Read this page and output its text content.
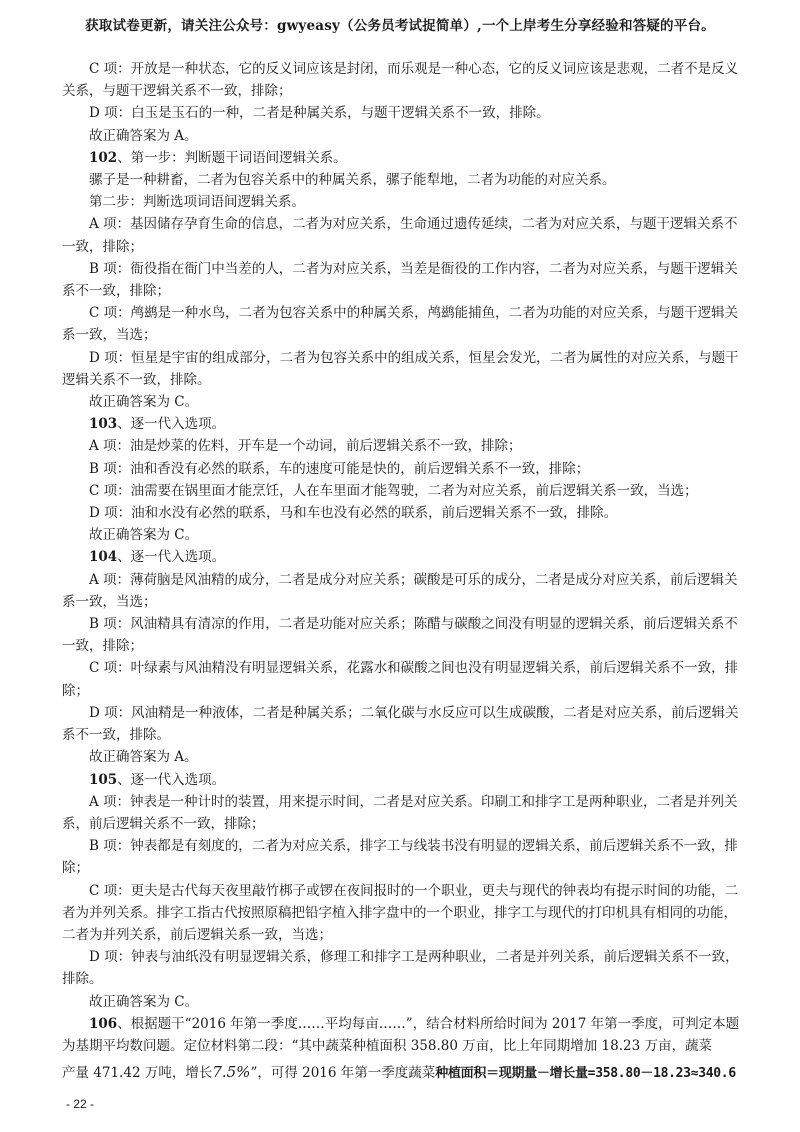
获取试卷更新，请关注公众号：gwyeasy（公务员考试捉简单）,一个上岸考生分享经验和答疑的平台。

C 项：开放是一种状态，它的反义词应该是封闭，而乐观是一种心态，它的反义词应该是悲观，二者不是反义关系，与题干逻辑关系不一致，排除；

D 项：白玉是玉石的一种，二者是种属关系，与题干逻辑关系不一致，排除。

故正确答案为 A。

102、第一步：判断题干词语间逻辑关系。

骡子是一种耕畜，二者为包容关系中的种属关系，骡子能犁地，二者为功能的对应关系。

第二步：判断选项词语间逻辑关系。

A 项：基因储存孕育生命的信息，二者为对应关系，生命通过遗传延续，二者为对应关系，与题干逻辑关系不一致，排除；

B 项：衙役指在衙门中当差的人，二者为对应关系，当差是衙役的工作内容，二者为对应关系，与题干逻辑关系不一致，排除；

C 项：鸬鹚是一种水鸟，二者为包容关系中的种属关系，鸬鹚能捕鱼，二者为功能的对应关系，与题干逻辑关系一致，当选；

D 项：恒星是宇宙的组成部分，二者为包容关系中的组成关系，恒星会发光，二者为属性的对应关系，与题干逻辑关系不一致，排除。

故正确答案为 C。

103、逐一代入选项。

A 项：油是炒菜的佐料，开车是一个动词，前后逻辑关系不一致，排除；

B 项：油和香没有必然的联系，车的速度可能是快的，前后逻辑关系不一致，排除；

C 项：油需要在锅里面才能烹饪，人在车里面才能驾驶，二者为对应关系，前后逻辑关系一致，当选；

D 项：油和水没有必然的联系，马和车也没有必然的联系，前后逻辑关系不一致，排除。

故正确答案为 C。

104、逐一代入选项。

A 项：薄荷脑是风油精的成分，二者是成分对应关系；碳酸是可乐的成分，二者是成分对应关系，前后逻辑关系一致，当选；

B 项：风油精具有清凉的作用，二者是功能对应关系；陈醋与碳酸之间没有明显的逻辑关系，前后逻辑关系不一致，排除；

C 项：叶绿素与风油精没有明显逻辑关系，花露水和碳酸之间也没有明显逻辑关系，前后逻辑关系不一致，排除；

D 项：风油精是一种液体，二者是种属关系；二氧化碳与水反应可以生成碳酸，二者是对应关系，前后逻辑关系不一致，排除。

故正确答案为 A。

105、逐一代入选项。

A 项：钟表是一种计时的装置，用来提示时间，二者是对应关系。印刷工和排字工是两种职业，二者是并列关系，前后逻辑关系不一致，排除；

B 项：钟表都是有刻度的，二者为对应关系，排字工与线装书没有明显的逻辑关系，前后逻辑关系不一致，排除；

C 项：更夫是古代每天夜里敲竹梆子或锣在夜间报时的一个职业，更夫与现代的钟表均有提示时间的功能，二者为并列关系。排字工指古代按照原稿把铅字植入排字盘中的一个职业，排字工与现代的打印机具有相同的功能，二者为并列关系，前后逻辑关系一致，当选；

D 项：钟表与油纸没有明显逻辑关系，修理工和排字工是两种职业，二者是并列关系，前后逻辑关系不一致，排除。

故正确答案为 C。

106、根据题干“2016 年第一季度……平均每亩……”，结合材料所给时间为 2017 年第一季度，可判定本题为基期平均数问题。定位材料第二段：“其中蔬菜种植面积 358.80 万亩，比上年同期增加 18.23 万亩，蔬菜

产量 471.42 万吨，增长7.5%”，可得 2016 年第一季度蔬菜种植面积＝现期量－增长量=358.80－18.23≈340.6

- 22 -
